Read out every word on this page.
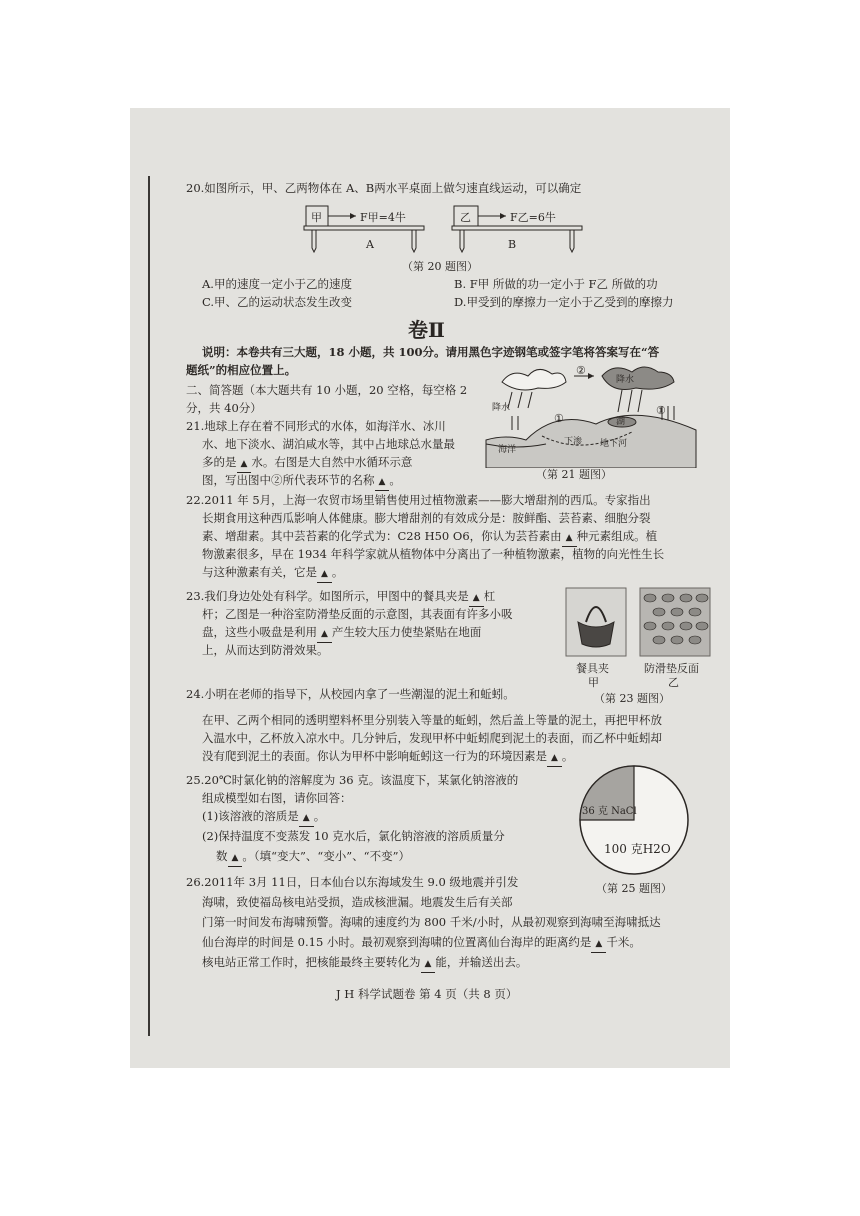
20.如图所示，甲、乙两物体在 A、B两水平桌面上做匀速直线运动，可以确定
甲	F甲=4牛
A
乙	F乙=6牛
B
（第 20 题图）
A.甲的速度一定小于乙的速度	B. F甲 所做的功一定小于 F乙 所做的功
C.甲、乙的运动状态发生改变	D.甲受到的摩擦力一定小于乙受到的摩擦力
卷Ⅱ
说明：本卷共有三大题，18 小题，共 100分。请用黑色字迹钢笔或签字笔将答案写在“答
题纸”的相应位置上。
二、简答题（本大题共有 10 小题，20 空格，每空格 2
分，共 40分）
21.地球上存在着不同形式的水体，如海洋水、冰川
水、地下淡水、湖泊咸水等，其中占地球总水量最
多的是 ▲ 水。右图是大自然中水循环示意
图，写出图中②所代表环节的名称 ▲ 。
降水
降水
②
①
①
海洋
下渗 地下河
湖
（第 21 题图）
22.2011 年 5月，上海一农贸市场里销售使用过植物激素——膨大增甜剂的西瓜。专家指出
长期食用这种西瓜影响人体健康。膨大增甜剂的有效成分是：胺鲜酯、芸苔素、细胞分裂
素、增甜素。其中芸苔素的化学式为：C28 H50 O6，你认为芸苔素由 ▲ 种元素组成。植
物激素很多，早在 1934 年科学家就从植物体中分离出了一种植物激素，植物的向光性生长
与这种激素有关，它是 ▲ 。
23.我们身边处处有科学。如图所示，甲图中的餐具夹是 ▲ 杠
杆；乙图是一种浴室防滑垫反面的示意图，其表面有许多小吸
盘，这些小吸盘是利用 ▲ 产生较大压力使垫紧贴在地面
上，从而达到防滑效果。
餐具夹
甲
防滑垫反面
乙
（第 23 题图）
24.小明在老师的指导下，从校园内拿了一些潮湿的泥土和蚯蚓。
在甲、乙两个相同的透明塑料杯里分别装入等量的蚯蚓，然后盖上等量的泥土，再把甲杯放
入温水中，乙杯放入凉水中。几分钟后，发现甲杯中蚯蚓爬到泥土的表面，而乙杯中蚯蚓却
没有爬到泥土的表面。你认为甲杯中影响蚯蚓这一行为的环境因素是 ▲ 。
25.20℃时氯化钠的溶解度为 36 克。该温度下，某氯化钠溶液的
组成模型如右图，请你回答：
(1)该溶液的溶质是 ▲ 。
(2)保持温度不变蒸发 10 克水后，氯化钠溶液的溶质质量分
数 ▲ 。（填“变大”、“变小”、“不变”）
36 克 NaCl
100 克H2O
（第 25 题图）
26.2011年 3月 11日，日本仙台以东海域发生 9.0 级地震并引发
海啸，致使福岛核电站受损，造成核泄漏。地震发生后有关部
门第一时间发布海啸预警。海啸的速度约为 800 千米/小时，从最初观察到海啸至海啸抵达
仙台海岸的时间是 0.15 小时。最初观察到海啸的位置离仙台海岸的距离约是 ▲ 千米。
核电站正常工作时，把核能最终主要转化为 ▲ 能，并输送出去。
J H 科学试题卷 第 4 页（共 8 页）
